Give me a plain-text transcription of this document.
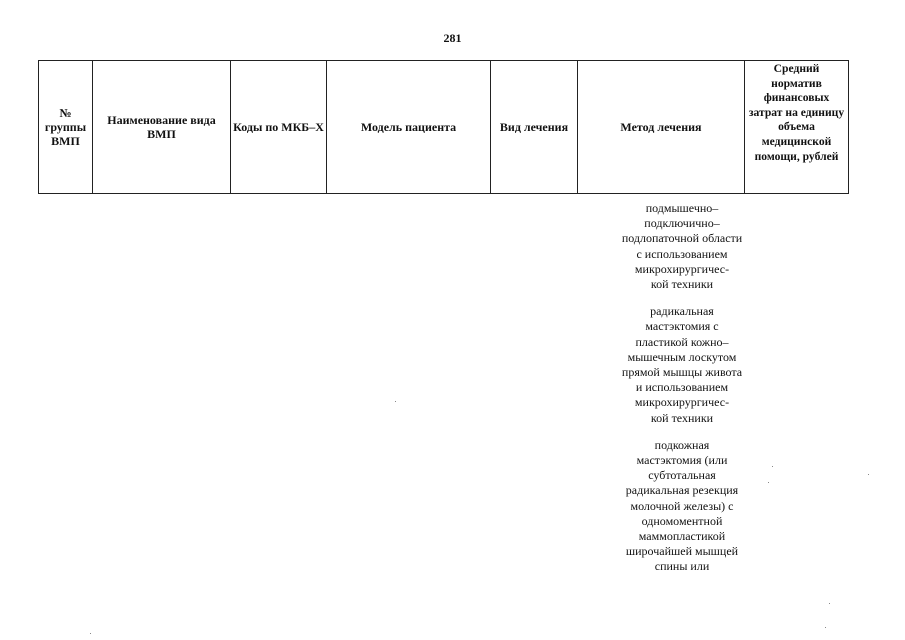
281
№ группы ВМП	Наименование вида ВМП	Коды по МКБ–X	Модель пациента	Вид лечения	Метод лечения	Средний норматив финансовых затрат на единицу объема медицинской помощи, рублей

подмышечно–
подключично–
подлопаточной области
с использованием
микрохирургичес-
кой техники

радикальная
мастэктомия с
пластикой кожно–
мышечным лоскутом
прямой мышцы живота
и использованием
микрохирургичес-
кой техники

подкожная
мастэктомия (или
субтотальная
радикальная резекция
молочной железы) с
одномоментной
маммопластикой
широчайшей мышцей
спины или
